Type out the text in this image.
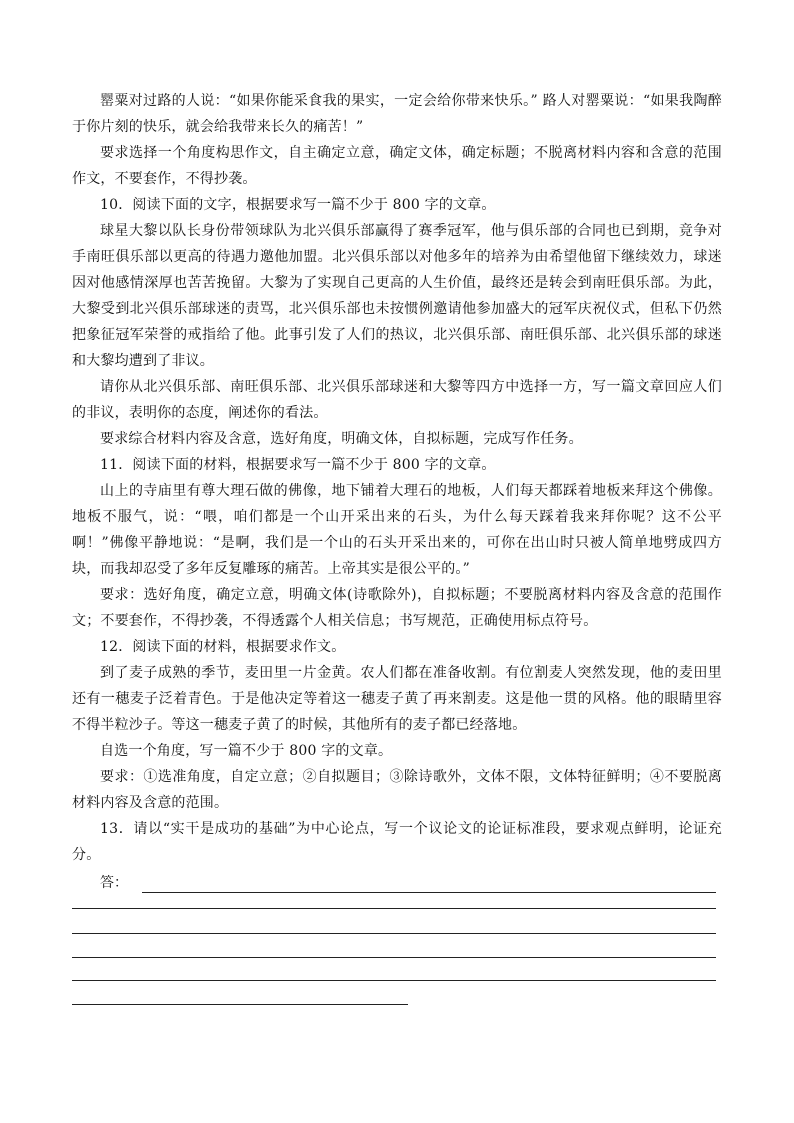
罂粟对过路的人说：“如果你能采食我的果实，一定会给你带来快乐。” 路人对罂粟说：“如果我陶醉于你片刻的快乐，就会给我带来长久的痛苦！”

要求选择一个角度构思作文，自主确定立意，确定文体，确定标题；不脱离材料内容和含意的范围作文，不要套作，不得抄袭。

10．阅读下面的文字，根据要求写一篇不少于 800 字的文章。

球星大黎以队长身份带领球队为北兴俱乐部赢得了赛季冠军，他与俱乐部的合同也已到期，竞争对手南旺俱乐部以更高的待遇力邀他加盟。北兴俱乐部以对他多年的培养为由希望他留下继续效力，球迷因对他感情深厚也苦苦挽留。大黎为了实现自己更高的人生价值，最终还是转会到南旺俱乐部。为此，大黎受到北兴俱乐部球迷的责骂，北兴俱乐部也未按惯例邀请他参加盛大的冠军庆祝仪式，但私下仍然把象征冠军荣誉的戒指给了他。此事引发了人们的热议，北兴俱乐部、南旺俱乐部、北兴俱乐部的球迷和大黎均遭到了非议。

请你从北兴俱乐部、南旺俱乐部、北兴俱乐部球迷和大黎等四方中选择一方，写一篇文章回应人们的非议，表明你的态度，阐述你的看法。

要求综合材料内容及含意，选好角度，明确文体，自拟标题，完成写作任务。

11．阅读下面的材料，根据要求写一篇不少于 800 字的文章。

山上的寺庙里有尊大理石做的佛像，地下铺着大理石的地板，人们每天都踩着地板来拜这个佛像。地板不服气，说：“喂，咱们都是一个山开采出来的石头，为什么每天踩着我来拜你呢？这不公平啊！”佛像平静地说：“是啊，我们是一个山的石头开采出来的，可你在出山时只被人简单地劈成四方块，而我却忍受了多年反复雕琢的痛苦。上帝其实是很公平的。”

要求：选好角度，确定立意，明确文体(诗歌除外)，自拟标题；不要脱离材料内容及含意的范围作文；不要套作，不得抄袭，不得透露个人相关信息；书写规范，正确使用标点符号。

12．阅读下面的材料，根据要求作文。

到了麦子成熟的季节，麦田里一片金黄。农人们都在准备收割。有位割麦人突然发现，他的麦田里还有一穗麦子泛着青色。于是他决定等着这一穗麦子黄了再来割麦。这是他一贯的风格。他的眼睛里容不得半粒沙子。等这一穗麦子黄了的时候，其他所有的麦子都已经落地。

自选一个角度，写一篇不少于 800 字的文章。

要求：①选准角度，自定立意；②自拟题目；③除诗歌外，文体不限，文体特征鲜明；④不要脱离材料内容及含意的范围。

13．请以“实干是成功的基础”为中心论点，写一个议论文的论证标准段，要求观点鲜明，论证充分。

答：
